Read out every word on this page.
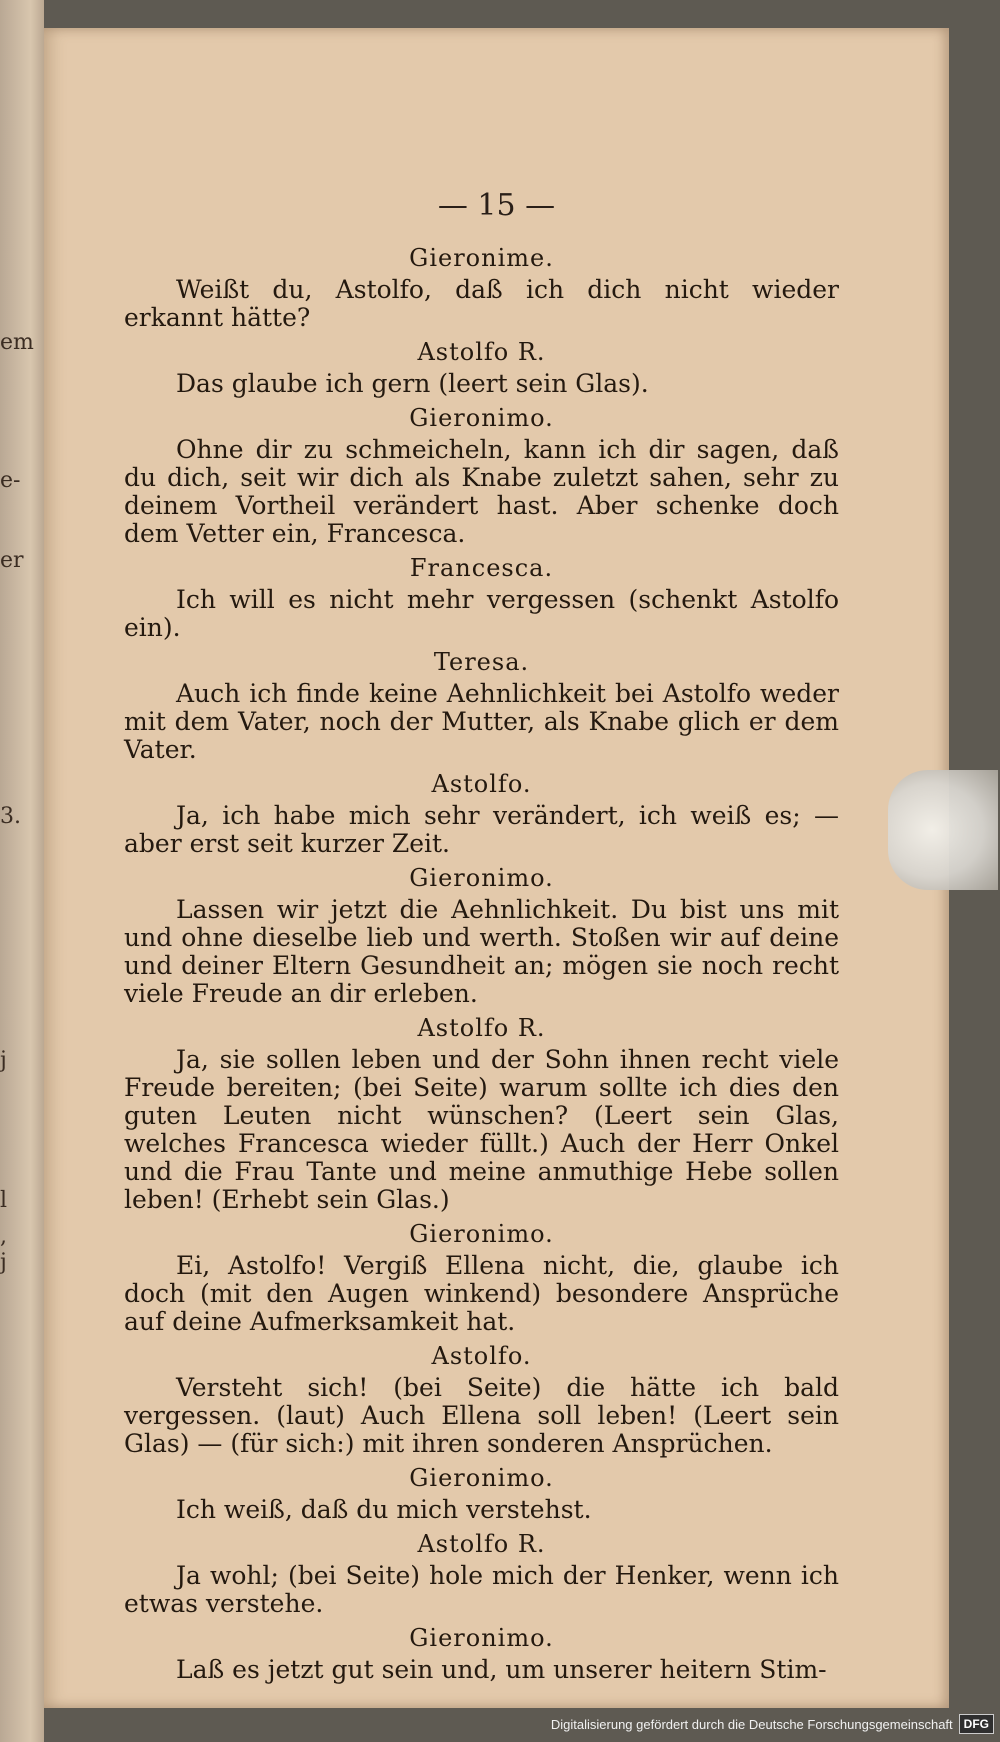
em
e-
er
3.
j
l
,
j
— 15 —
Gieronime.

Weißt du, Astolfo, daß ich dich nicht wieder erkannt hätte?

Astolfo R.

Das glaube ich gern (leert sein Glas).

Gieronimo.

Ohne dir zu schmeicheln, kann ich dir sagen, daß du dich, seit wir dich als Knabe zuletzt sahen, sehr zu deinem Vortheil verändert hast. Aber schenke doch dem Vetter ein, Francesca.

Francesca.

Ich will es nicht mehr vergessen (schenkt Astolfo ein).

Teresa.

Auch ich finde keine Aehnlichkeit bei Astolfo weder mit dem Vater, noch der Mutter, als Knabe glich er dem Vater.

Astolfo.

Ja, ich habe mich sehr verändert, ich weiß es; — aber erst seit kurzer Zeit.

Gieronimo.

Lassen wir jetzt die Aehnlichkeit. Du bist uns mit und ohne dieselbe lieb und werth. Stoßen wir auf deine und deiner Eltern Gesundheit an; mögen sie noch recht viele Freude an dir erleben.

Astolfo R.

Ja, sie sollen leben und der Sohn ihnen recht viele Freude bereiten; (bei Seite) warum sollte ich dies den guten Leuten nicht wünschen? (Leert sein Glas, welches Francesca wieder füllt.) Auch der Herr Onkel und die Frau Tante und meine anmuthige Hebe sollen leben! (Erhebt sein Glas.)

Gieronimo.

Ei, Astolfo! Vergiß Ellena nicht, die, glaube ich doch (mit den Augen winkend) besondere Ansprüche auf deine Aufmerksamkeit hat.

Astolfo.

Versteht sich! (bei Seite) die hätte ich bald vergessen. (laut) Auch Ellena soll leben! (Leert sein Glas) — (für sich:) mit ihren sonderen Ansprüchen.

Gieronimo.

Ich weiß, daß du mich verstehst.

Astolfo R.

Ja wohl; (bei Seite) hole mich der Henker, wenn ich etwas verstehe.

Gieronimo.

Laß es jetzt gut sein und, um unserer heitern Stim-

Digitalisierung gefördert durch die Deutsche Forschungsgemeinschaft DFG
